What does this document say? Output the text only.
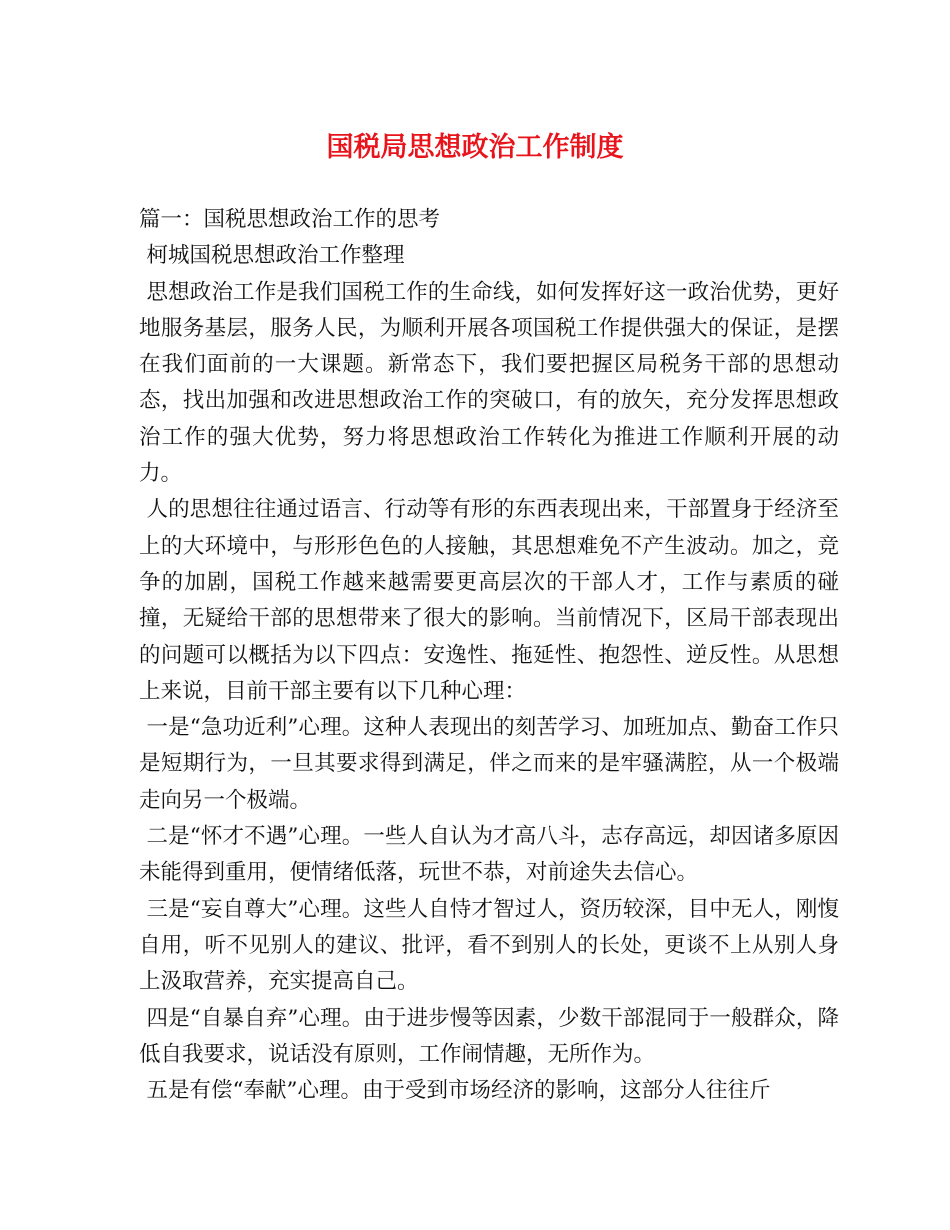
国税局思想政治工作制度

篇一：国税思想政治工作的思考

柯城国税思想政治工作整理

思想政治工作是我们国税工作的生命线，如何发挥好这一政治优势，更好地服务基层，服务人民，为顺利开展各项国税工作提供强大的保证，是摆在我们面前的一大课题。新常态下，我们要把握区局税务干部的思想动态，找出加强和改进思想政治工作的突破口，有的放矢，充分发挥思想政治工作的强大优势，努力将思想政治工作转化为推进工作顺利开展的动力。

人的思想往往通过语言、行动等有形的东西表现出来，干部置身于经济至上的大环境中，与形形色色的人接触，其思想难免不产生波动。加之，竞争的加剧，国税工作越来越需要更高层次的干部人才，工作与素质的碰撞，无疑给干部的思想带来了很大的影响。当前情况下，区局干部表现出的问题可以概括为以下四点：安逸性、拖延性、抱怨性、逆反性。从思想上来说，目前干部主要有以下几种心理：

一是“急功近利”心理。这种人表现出的刻苦学习、加班加点、勤奋工作只是短期行为，一旦其要求得到满足，伴之而来的是牢骚满腔，从一个极端走向另一个极端。

二是“怀才不遇”心理。一些人自认为才高八斗，志存高远，却因诸多原因未能得到重用，便情绪低落，玩世不恭，对前途失去信心。

三是“妄自尊大”心理。这些人自恃才智过人，资历较深，目中无人，刚愎自用，听不见别人的建议、批评，看不到别人的长处，更谈不上从别人身上汲取营养，充实提高自己。

四是“自暴自弃”心理。由于进步慢等因素，少数干部混同于一般群众，降低自我要求，说话没有原则，工作闹情趣，无所作为。

五是有偿“奉献”心理。由于受到市场经济的影响，这部分人往往斤
